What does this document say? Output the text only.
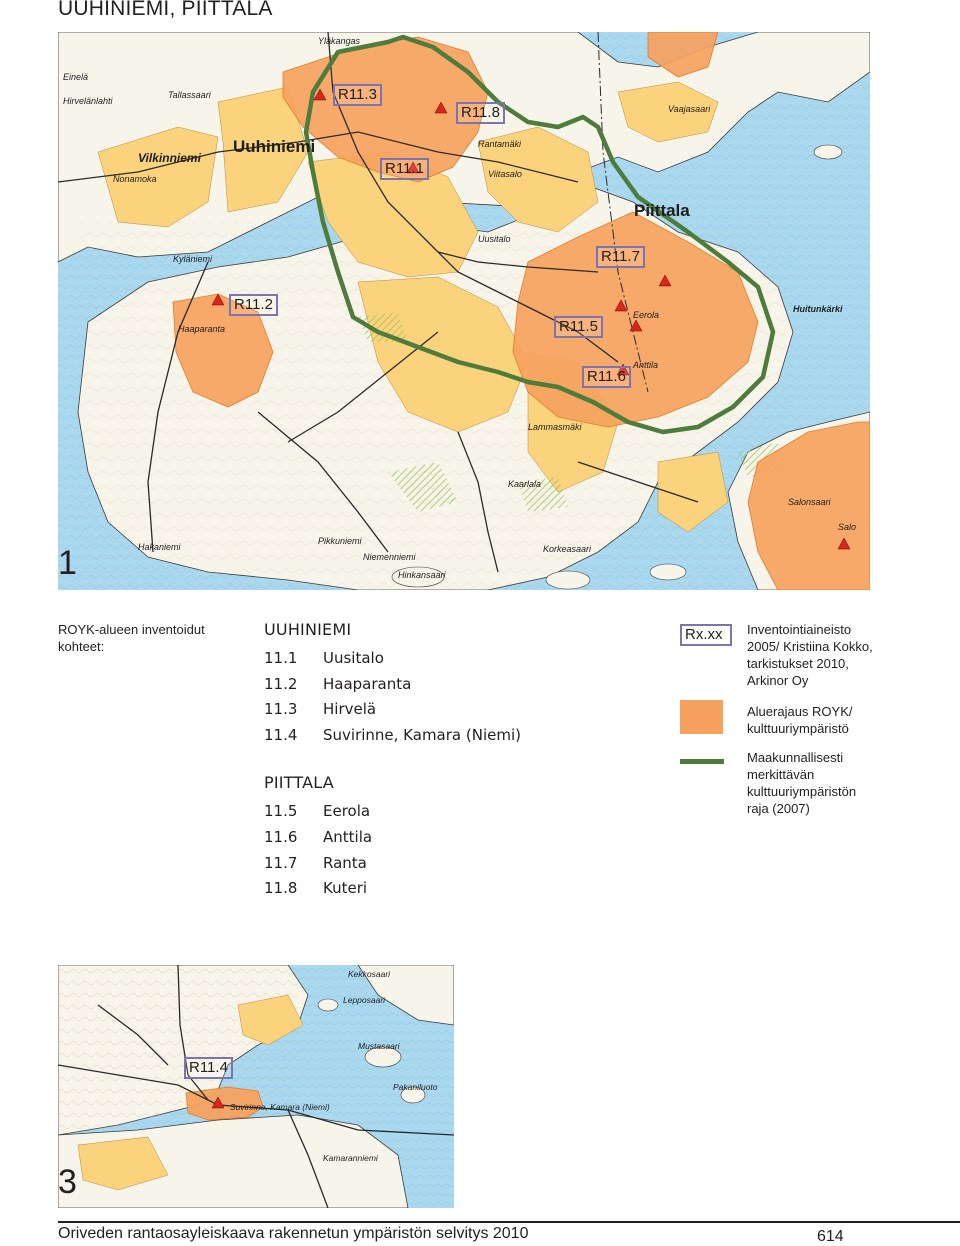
UUHINIEMI, PIITTALA
Yläkangas
Einelä
Hirvelänlahti
Tallassaari
Vilkinniemi
Uuhiniemi
Nonamoka
Kyläniemi
Haaparanta
Piittala
Eerola
Anttila
Uusitalo
Viitasalo
Huitunkärki
Lammasmäki
Salonsaari
Salo
Hakaniemi	Korkeasaari
Hinkansaari
Niemenniemi
Pikkuniemi
Rantamäki
Kaarlala
Vaajasaari
R11.3
R11.8
R11.1
R11.7
R11.2
R11.5
R11.6
1
ROYK-alueen inventoidut kohteet:
UUHINIEMI
11.1	Uusitalo
11.2	Haaparanta
11.3	Hirvelä
11.4	Suvirinne, Kamara (Niemi)
PIITTALA
11.5	Eerola
11.6	Anttila
11.7	Ranta
11.8	Kuteri
Rx.xx	Inventointiaineisto 2005/ Kristiina Kokko, tarkistukset 2010, Arkinor Oy
Aluerajaus ROYK/ kulttuuriympäristö
Maakunnallisesti merkittävän kulttuuriympäristön raja (2007)
Kekkosaari
Lepposaari
Mustasaari
Pakaniluoto
Suvirinne, Kamara (Niemi)
Kamaranniemi
R11.4
3
Oriveden rantaosayleiskaava rakennetun ympäristön selvitys 2010	614
